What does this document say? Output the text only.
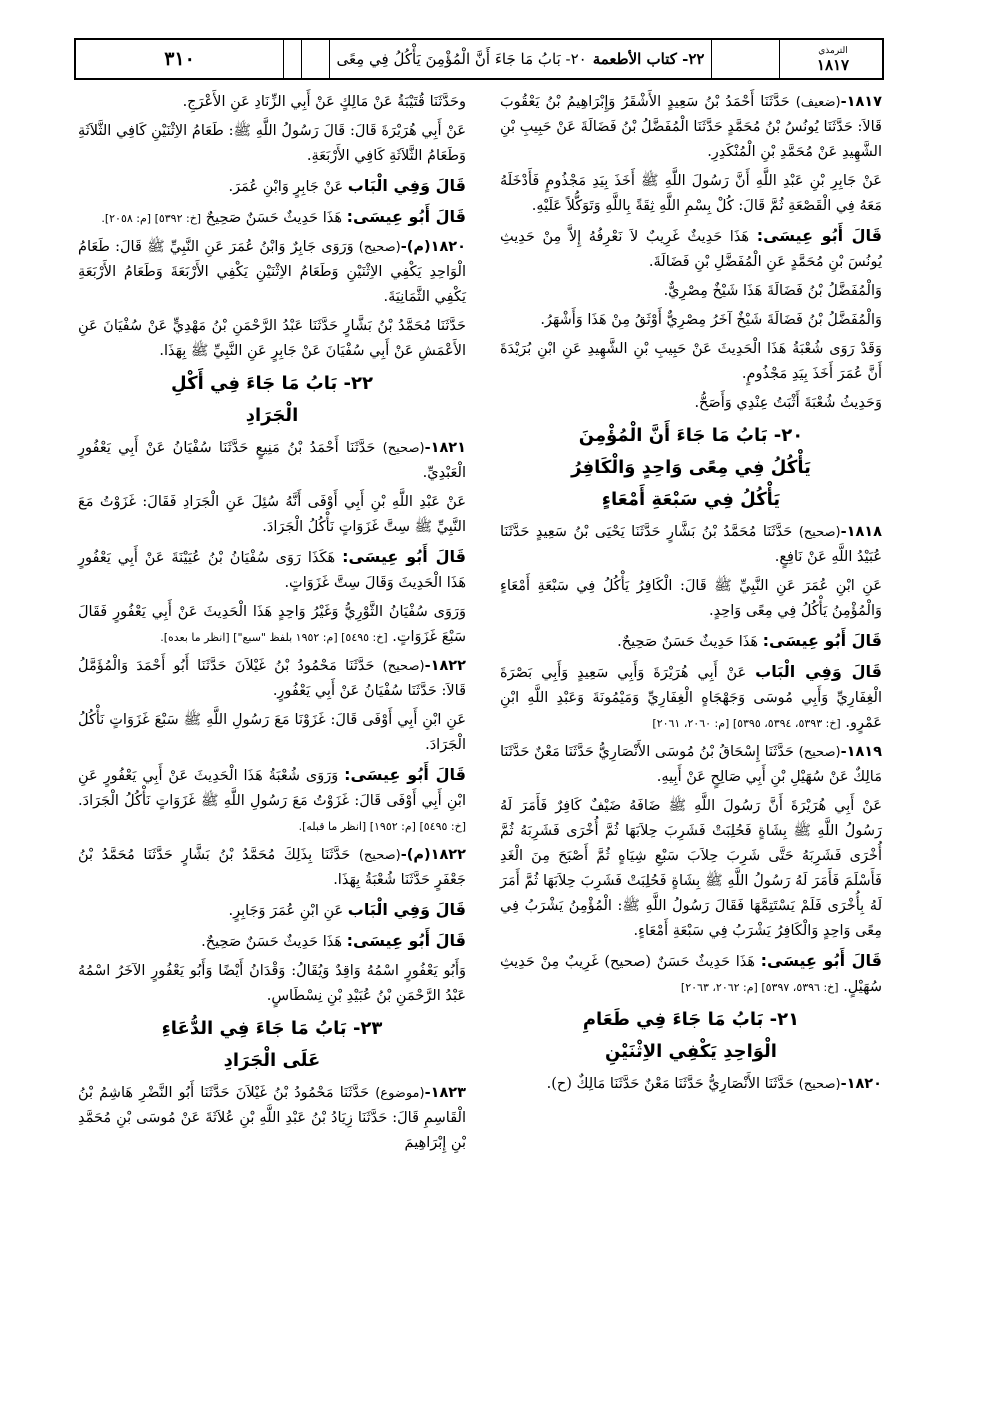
٣١٠	٢٢- كتاب الأطعمة
٢٠- بَابُ مَا جَاءَ أَنَّ الْمُؤْمِنَ يَأْكُلُ فِي مِعًى	الترمذي
١٨١٧

١٨١٧-(ضعيف) حَدَّثَنَا أَحْمَدُ بْنُ سَعِيدٍ الأَشْقَرُ وَإِبْرَاهِيمُ بْنُ يَعْقُوبَ قَالاَ: حَدَّثَنَا يُونُسُ بْنُ مُحَمَّدٍ حَدَّثَنَا الْمُفَضَّلُ بْنُ فَضَالَةَ عَنْ حَبِيبِ بْنِ الشَّهِيدِ عَنْ مُحَمَّدِ بْنِ الْمُنْكَدِرِ.

عَنْ جَابِرِ بْنِ عَبْدِ اللَّهِ أَنَّ رَسُولَ اللَّهِ ﷺ أَخَذَ بِيَدِ مَجْذُومٍ فَأَدْخَلَهُ مَعَهُ فِي الْقَصْعَةِ ثُمَّ قَالَ: كُلْ بِسْمِ اللَّهِ ثِقَةً بِاللَّهِ وَتَوَكُّلاً عَلَيْهِ.

قَالَ أَبُو عِيسَى: هَذَا حَدِيثٌ غَرِيبٌ لاَ نَعْرِفُهُ إِلاَّ مِنْ حَدِيثِ يُونُسَ بْنِ مُحَمَّدٍ عَنِ الْمُفَضَّلِ بْنِ فَضَالَةَ.

وَالْمُفَضَّلُ بْنُ فَضَالَةَ هَذَا شَيْخٌ مِصْرِيٌّ.

وَالْمُفَضَّلُ بْنُ فَضَالَةَ شَيْخٌ آخَرُ مِصْرِيٌّ أَوْثَقُ مِنْ هَذَا وَأَشْهَرُ.

وَقَدْ رَوَى شُعْبَةُ هَذَا الْحَدِيثَ عَنْ حَبِيبِ بْنِ الشَّهِيدِ عَنِ ابْنِ بُرَيْدَةَ أَنَّ عُمَرَ أَخَذَ بِيَدِ مَجْذُومٍ.

وَحَدِيثُ شُعْبَةَ أَثْبَتُ عِنْدِي وَأَصَحُّ.

٢٠- بَابُ مَا جَاءَ أَنَّ الْمُؤْمِنَ
يَأْكُلُ فِي مِعًى وَاحِدٍ وَالْكَافِرُ
يَأْكُلُ فِي سَبْعَةِ أَمْعَاءٍ

١٨١٨-(صحيح) حَدَّثَنَا مُحَمَّدُ بْنُ بَشَّارٍ حَدَّثَنَا يَحْيَى بْنُ سَعِيدٍ حَدَّثَنَا عُبَيْدُ اللَّهِ عَنْ نَافِعٍ.

عَنِ ابْنِ عُمَرَ عَنِ النَّبِيِّ ﷺ قَالَ: الْكَافِرُ يَأْكُلُ فِي سَبْعَةِ أَمْعَاءٍ وَالْمُؤْمِنُ يَأْكُلُ فِي مِعًى وَاحِدٍ.

قَالَ أَبُو عِيسَى: هَذَا حَدِيثٌ حَسَنٌ صَحِيحٌ.

قَالَ وَفِي الْبَاب عَنْ أَبِي هُرَيْرَةَ وَأَبِي سَعِيدٍ وَأَبِي بَصْرَةَ الْغِفَارِيِّ وَأَبِي مُوسَى وَجَهْجَاهٍ الْغِفَارِيِّ وَمَيْمُونَةَ وَعَبْدِ اللَّهِ ابْنِ عَمْرٍو. [خ: ٥٣٩٣، ٥٣٩٤، ٥٣٩٥] [م: ٢٠٦٠، ٢٠٦١]

١٨١٩-(صحيح) حَدَّثَنَا إِسْحَاقُ بْنُ مُوسَى الأَنْصَارِيُّ حَدَّثَنَا مَعْنٌ حَدَّثَنَا مَالِكٌ عَنْ سُهَيْلِ بْنِ أَبِي صَالِحٍ عَنْ أَبِيهِ.

عَنْ أَبِي هُرَيْرَةَ أَنَّ رَسُولَ اللَّهِ ﷺ ضَافَهُ ضَيْفٌ كَافِرٌ فَأَمَرَ لَهُ رَسُولُ اللَّهِ ﷺ بِشَاةٍ فَحُلِبَتْ فَشَرِبَ حِلاَبَهَا ثُمَّ أُخْرَى فَشَرِبَهُ ثُمَّ أُخْرَى فَشَرِبَهُ حَتَّى شَرِبَ حِلاَبَ سَبْعِ شِيَاهٍ ثُمَّ أَصْبَحَ مِنَ الْغَدِ فَأَسْلَمَ فَأَمَرَ لَهُ رَسُولُ اللَّهِ ﷺ بِشَاةٍ فَحُلِبَتْ فَشَرِبَ حِلاَبَهَا ثُمَّ أَمَرَ لَهُ بِأُخْرَى فَلَمْ يَسْتَتِمَّهَا فَقَالَ رَسُولُ اللَّهِ ﷺ: الْمُؤْمِنُ يَشْرَبُ فِي مِعًى وَاحِدٍ وَالْكَافِرُ يَشْرَبُ فِي سَبْعَةِ أَمْعَاءٍ.

قَالَ أَبُو عِيسَى: هَذَا حَدِيثٌ حَسَنٌ (صحيح) غَرِيبٌ مِنْ حَدِيثِ سُهَيْلٍ. [خ: ٥٣٩٦، ٥٣٩٧] [م: ٢٠٦٢، ٢٠٦٣]

٢١- بَابُ مَا جَاءَ فِي طَعَامِ
الْوَاحِدِ يَكْفِي الاِثْنَيْنِ

١٨٢٠-(صحيح) حَدَّثَنَا الأَنْصَارِيُّ حَدَّثَنَا مَعْنٌ حَدَّثَنَا مَالِكٌ (ح).

وحَدَّثَنَا قُتَيْبَةُ عَنْ مَالِكٍ عَنْ أَبِي الزِّنَادِ عَنِ الأَعْرَجِ.

عَنْ أَبِي هُرَيْرَةَ قَالَ: قَالَ رَسُولُ اللَّهِ ﷺ: طَعَامُ الاِثْنَيْنِ كَافِي الثَّلاَثَةِ وَطَعَامُ الثَّلاَثَةِ كَافِي الأَرْبَعَةِ.

قَالَ وَفِي الْبَاب عَنْ جَابِرٍ وَابْنِ عُمَرَ.

قَالَ أَبُو عِيسَى: هَذَا حَدِيثٌ حَسَنٌ صَحِيحٌ [خ: ٥٣٩٢] [م: ٢٠٥٨].

١٨٢٠(م)-(صحيح) وَرَوَى جَابِرٌ وَابْنُ عُمَرَ عَنِ النَّبِيِّ ﷺ قَالَ: طَعَامُ الْوَاحِدِ يَكْفِي الاِثْنَيْنِ وَطَعَامُ الاِثْنَيْنِ يَكْفِي الأَرْبَعَةَ وَطَعَامُ الأَرْبَعَةِ يَكْفِي الثَّمَانِيَةَ.

حَدَّثَنَا مُحَمَّدُ بْنُ بَشَّارٍ حَدَّثَنَا عَبْدُ الرَّحْمَنِ بْنُ مَهْدِيٍّ عَنْ سُفْيَانَ عَنِ الأَعْمَشِ عَنْ أَبِي سُفْيَانَ عَنْ جَابِرٍ عَنِ النَّبِيِّ ﷺ بِهَذَا.

٢٢- بَابُ مَا جَاءَ فِي أَكْلِ
الْجَرَادِ

١٨٢١-(صحيح) حَدَّثَنَا أَحْمَدُ بْنُ مَنِيعٍ حَدَّثَنَا سُفْيَانُ عَنْ أَبِي يَعْفُورٍ الْعَبْدِيِّ.

عَنْ عَبْدِ اللَّهِ بْنِ أَبِي أَوْفَى أَنَّهُ سُئِلَ عَنِ الْجَرَادِ فَقَالَ: غَزَوْتُ مَعَ النَّبِيِّ ﷺ سِتَّ غَزَوَاتٍ نَأْكُلُ الْجَرَادَ.

قَالَ أَبُو عِيسَى: هَكَذَا رَوَى سُفْيَانُ بْنُ عُيَيْنَةَ عَنْ أَبِي يَعْفُورٍ هَذَا الْحَدِيثَ وَقَالَ سِتَّ غَزَوَاتٍ.

وَرَوَى سُفْيَانُ الثَّوْرِيُّ وَغَيْرُ وَاحِدٍ هَذَا الْحَدِيثَ عَنْ أَبِي يَعْفُورٍ فَقَالَ سَبْعَ غَزَوَاتٍ. [خ: ٥٤٩٥] [م: ١٩٥٢ بلفظ "سبع"] [انظر ما بعده].

١٨٢٢-(صحيح) حَدَّثَنَا مَحْمُودُ بْنُ غَيْلاَنَ حَدَّثَنَا أَبُو أَحْمَدَ وَالْمُؤَمَّلُ قَالاَ: حَدَّثَنَا سُفْيَانُ عَنْ أَبِي يَعْفُورٍ.

عَنِ ابْنِ أَبِي أَوْفَى قَالَ: غَزَوْنَا مَعَ رَسُولِ اللَّهِ ﷺ سَبْعَ غَزَوَاتٍ نَأْكُلُ الْجَرَادَ.

قَالَ أَبُو عِيسَى: وَرَوَى شُعْبَةُ هَذَا الْحَدِيثَ عَنْ أَبِي يَعْفُورٍ عَنِ ابْنِ أَبِي أَوْفَى قَالَ: غَزَوْتُ مَعَ رَسُولِ اللَّهِ ﷺ غَزَوَاتٍ نَأْكُلُ الْجَرَادَ. [خ: ٥٤٩٥] [م: ١٩٥٢] [انظر ما قبله].

١٨٢٢(م)-(صحيح) حَدَّثَنَا بِذَلِكَ مُحَمَّدُ بْنُ بَشَّارٍ حَدَّثَنَا مُحَمَّدُ بْنُ جَعْفَرٍ حَدَّثَنَا شُعْبَةُ بِهَذَا.

قَالَ وَفِي الْبَاب عَنِ ابْنِ عُمَرَ وَجَابِرٍ.

قَالَ أَبُو عِيسَى: هَذَا حَدِيثٌ حَسَنٌ صَحِيحٌ.

وَأَبُو يَعْفُورٍ اسْمُهُ وَاقِدٌ وَيُقَالُ: وَقْدَانُ أَيْضًا وَأَبُو يَعْفُورٍ الآخَرُ اسْمُهُ عَبْدُ الرَّحْمَنِ بْنُ عُبَيْدِ بْنِ نِسْطَاسٍ.

٢٣- بَابُ مَا جَاءَ فِي الدُّعَاءِ
عَلَى الْجَرَادِ

١٨٢٣-(موضوع) حَدَّثَنَا مَحْمُودُ بْنُ غَيْلاَنَ حَدَّثَنَا أَبُو النَّضْرِ هَاشِمُ بْنُ الْقَاسِمِ قَالَ: حَدَّثَنَا زِيَادُ بْنُ عَبْدِ اللَّهِ بْنِ عُلاَثَةَ عَنْ مُوسَى بْنِ مُحَمَّدِ بْنِ إِبْرَاهِيمَ
